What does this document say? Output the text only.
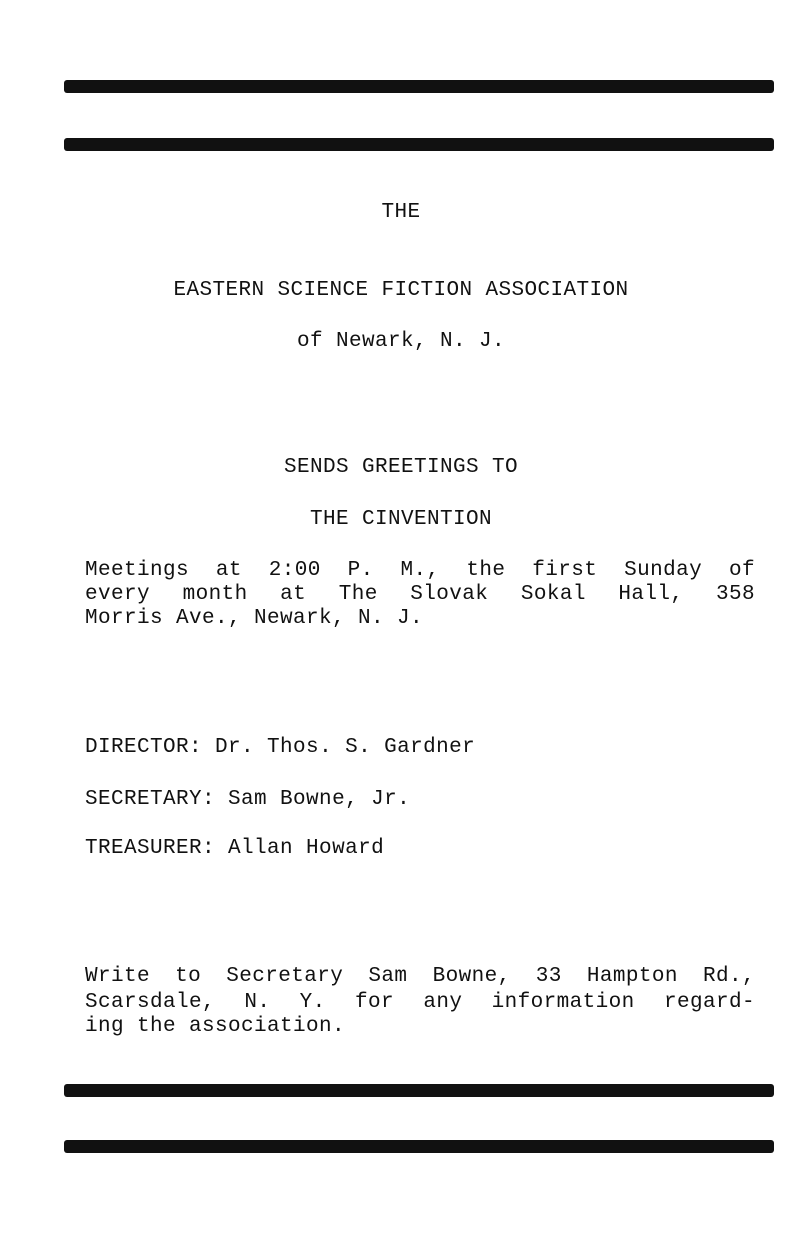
THE

EASTERN SCIENCE FICTION ASSOCIATION

of Newark, N. J.

SENDS GREETINGS TO

THE CINVENTION

Meetings at 2:00 P. M., the first Sunday of

every month at The Slovak Sokal Hall, 358

Morris Ave., Newark, N. J.

DIRECTOR: Dr. Thos. S. Gardner

SECRETARY: Sam Bowne, Jr.

TREASURER: Allan Howard

Write to Secretary Sam Bowne, 33 Hampton Rd.,

Scarsdale, N. Y. for any information regard-

ing the association.
